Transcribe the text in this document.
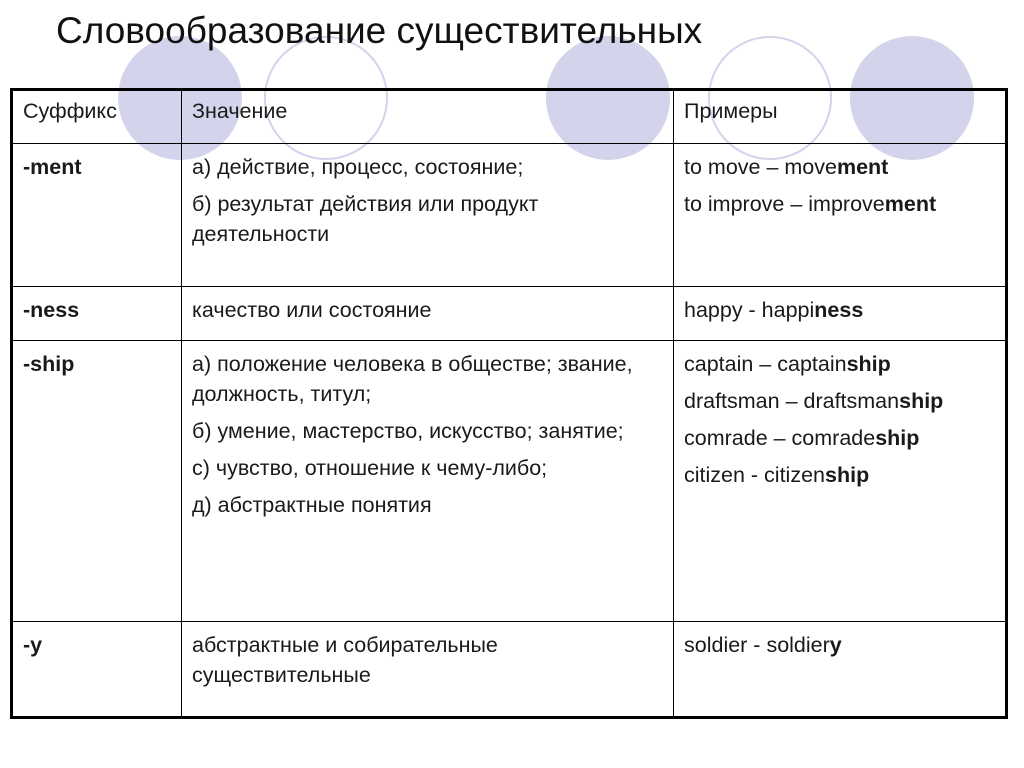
Словообразование существительных
Суффикс	Значение	Примеры
-ment	а) действие, процесс, состояние;
б) результат действия или продукт деятельности	to move – movement
to improve – improvement

-ness	качество или состояние	happy - happiness

-ship	а) положение человека в обществе; звание, должность, титул;
б) умение, мастерство, искусство; занятие;
с) чувство, отношение к чему-либо;
д) абстрактные понятия	captain – captainship
draftsman – draftsmanship
comrade – comradeship
citizen - citizenship

-y	абстрактные и собирательные существительные	soldier - soldiery
